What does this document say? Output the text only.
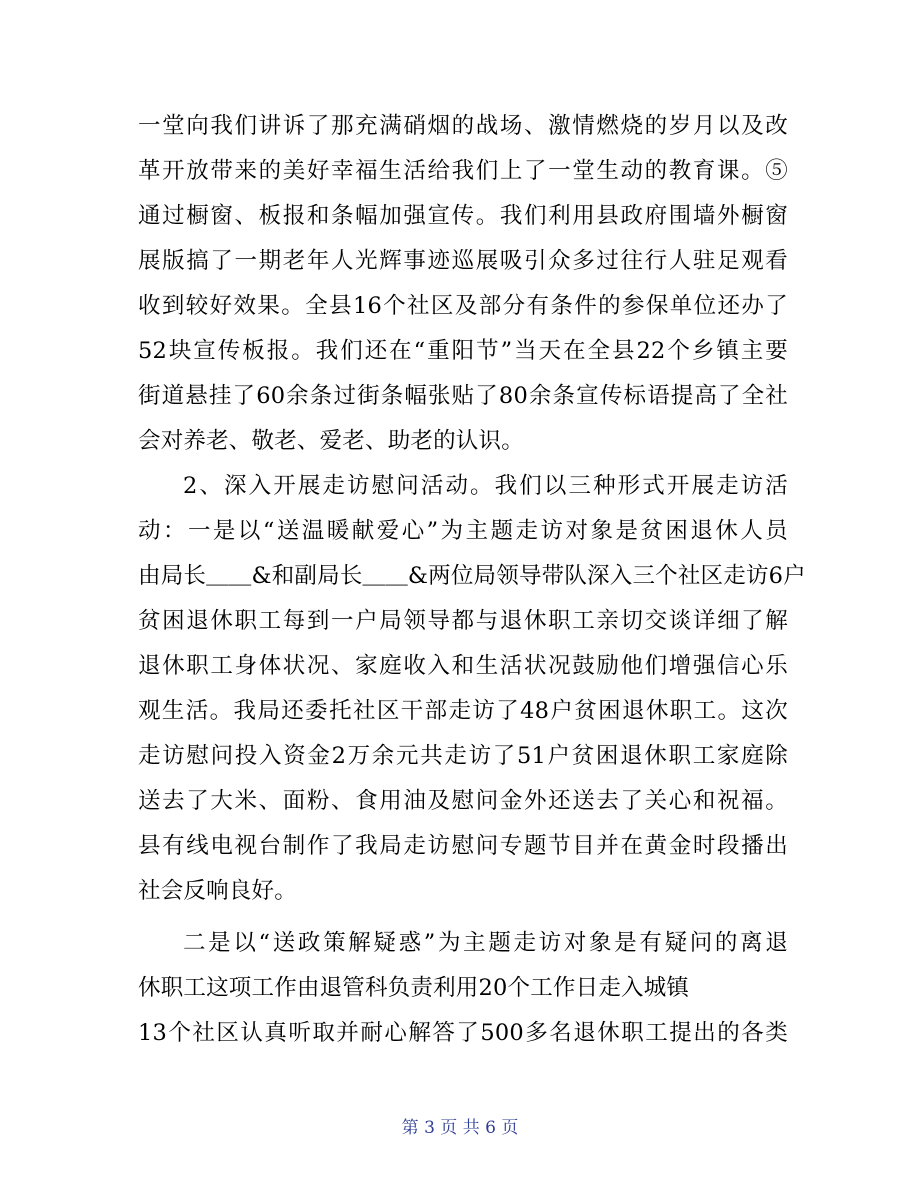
一堂向我们讲诉了那充满硝烟的战场、激情燃烧的岁月以及改
革开放带来的美好幸福生活给我们上了一堂生动的教育课。⑤
通过橱窗、板报和条幅加强宣传。我们利用县政府围墙外橱窗
展版搞了一期老年人光辉事迹巡展吸引众多过往行人驻足观看
收到较好效果。全县16个社区及部分有条件的参保单位还办了
52块宣传板报。我们还在“重阳节”当天在全县22个乡镇主要
街道悬挂了60余条过街条幅张贴了80余条宣传标语提高了全社
会对养老、敬老、爱老、助老的认识。
2、深入开展走访慰问活动。我们以三种形式开展走访活
动：一是以“送温暖献爱心”为主题走访对象是贫困退休人员
由局长＿＿&和副局长＿＿&两位局领导带队深入三个社区走访6户
贫困退休职工每到一户局领导都与退休职工亲切交谈详细了解
退休职工身体状况、家庭收入和生活状况鼓励他们增强信心乐
观生活。我局还委托社区干部走访了48户贫困退休职工。这次
走访慰问投入资金2万余元共走访了51户贫困退休职工家庭除
送去了大米、面粉、食用油及慰问金外还送去了关心和祝福。
县有线电视台制作了我局走访慰问专题节目并在黄金时段播出
社会反响良好。
二是以“送政策解疑惑”为主题走访对象是有疑问的离退
休职工这项工作由退管科负责利用20个工作日走入城镇
13个社区认真听取并耐心解答了500多名退休职工提出的各类
第 3 页 共 6 页
